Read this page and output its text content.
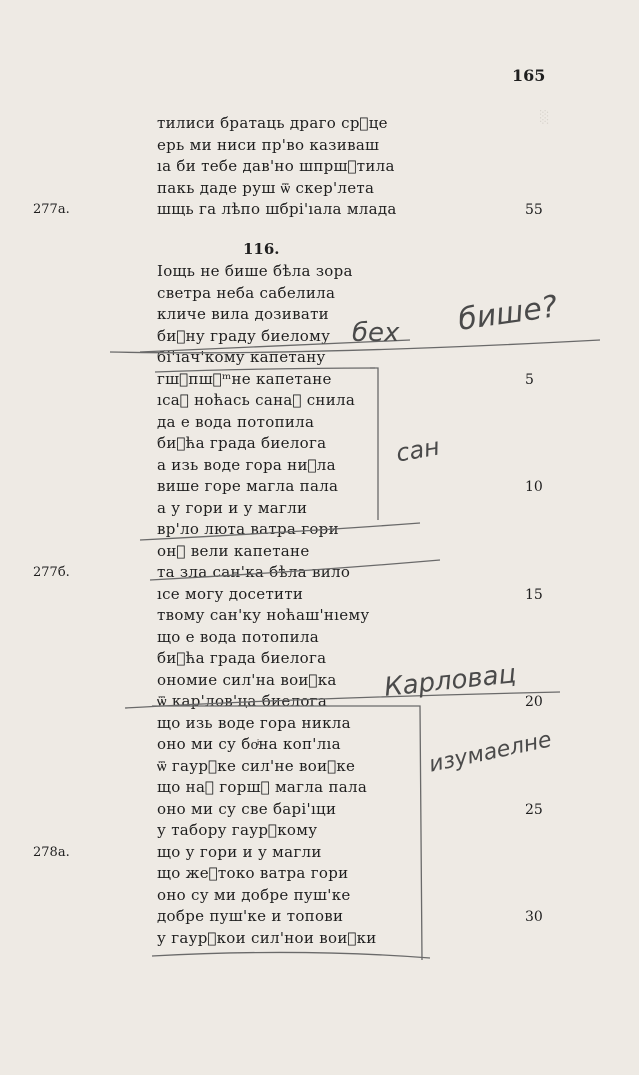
░
165
тилиси братаць драго срᷭце
ерь ми ниси пр'во казиваш
ıа би тебе дав'но шпршᷥтила
пакь даде руш ѿ скер'лета
шщь га лѣпо шбрі'ıала млада
Іощь не бише бѣла зора
светра неба сабелила
кличе вила дозивати
биᷥну граду биелому
бі'ıач'кому капетану
гшᷥпшᷭᵐне капетане
ıсаᷬ ноћась санаᷖ снила
да е вода потопила
биᷥћа града биелога
а изь воде гора ниᷖла
више горе магла пала
а у гори и у магли
вр'ло люта ватра гори
онᷭ вели капетане
та зла сан'ка бѣла вило
ıсе могу досетити
твому сан'ку ноћаш'нıему
що е вода потопила
биᷥћа града биелога
ономие сил'на воиᷥка
ѿ кар'лов'ца биелога
що изь воде гора никла
оно ми су боͥна коп'лıа
ѿ гаурᷥке сил'не воиᷥке
що наᷭ горшᷬ магла пала
оно ми су све барі'ıци
у табору гаурᷥкому
що у гори и у магли
що жеᷥтоко ватра гори
оно су ми добре пуш'ке
добре пуш'ке и топови
у гаурᷥкои сил'нои воиᷥки
116.
277а.
277б.
278а.
55
5
10
15
20
25
30
бех бише?
сан
Карловац
изумаелне
